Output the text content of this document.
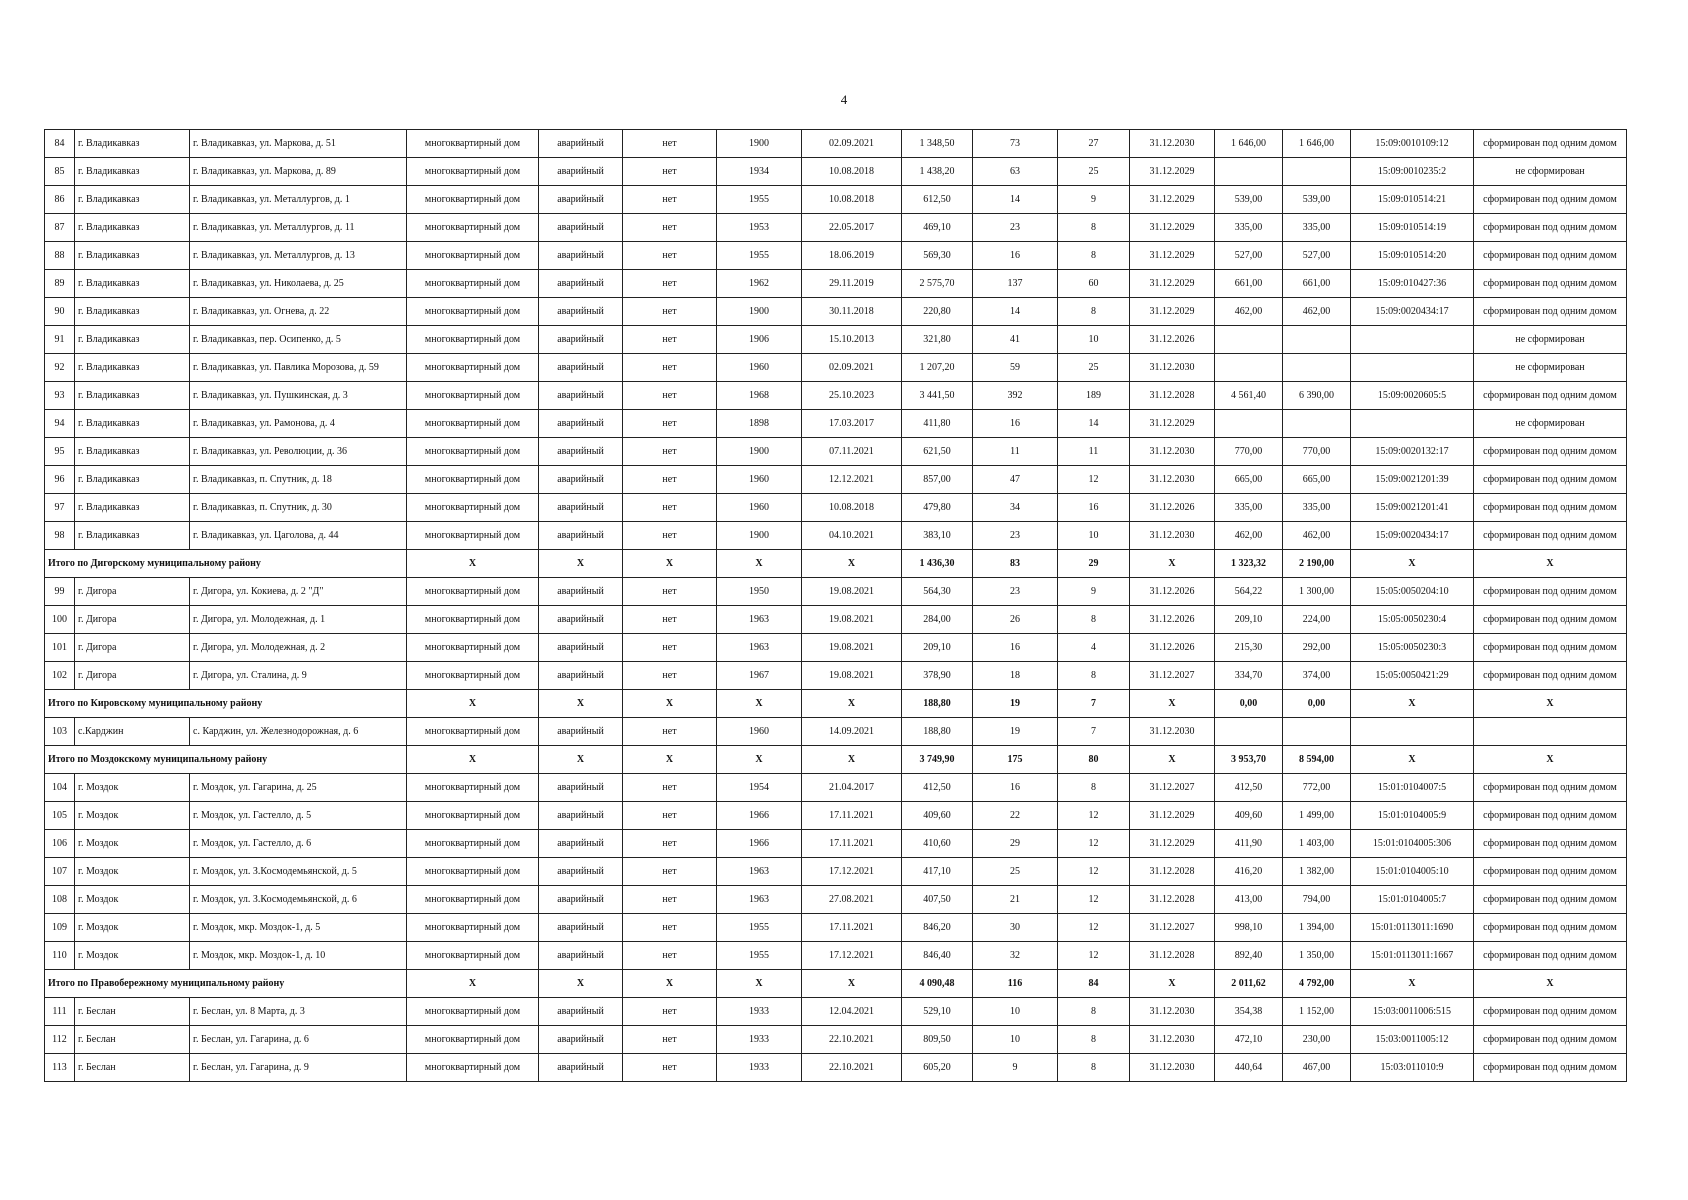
4
84	г. Владикавказ	г. Владикавказ, ул. Маркова, д. 51	многоквартирный дом	аварийный	нет	1900	02.09.2021	1 348,50	73	27	31.12.2030	1 646,00	1 646,00	15:09:0010109:12	сформирован под одним домом
85	г. Владикавказ	г. Владикавказ, ул. Маркова, д. 89	многоквартирный дом	аварийный	нет	1934	10.08.2018	1 438,20	63	25	31.12.2029			15:09:0010235:2	не сформирован
86	г. Владикавказ	г. Владикавказ, ул. Металлургов, д. 1	многоквартирный дом	аварийный	нет	1955	10.08.2018	612,50	14	9	31.12.2029	539,00	539,00	15:09:010514:21	сформирован под одним домом
87	г. Владикавказ	г. Владикавказ, ул. Металлургов, д. 11	многоквартирный дом	аварийный	нет	1953	22.05.2017	469,10	23	8	31.12.2029	335,00	335,00	15:09:010514:19	сформирован под одним домом
88	г. Владикавказ	г. Владикавказ, ул. Металлургов, д. 13	многоквартирный дом	аварийный	нет	1955	18.06.2019	569,30	16	8	31.12.2029	527,00	527,00	15:09:010514:20	сформирован под одним домом
89	г. Владикавказ	г. Владикавказ, ул. Николаева, д. 25	многоквартирный дом	аварийный	нет	1962	29.11.2019	2 575,70	137	60	31.12.2029	661,00	661,00	15:09:010427:36	сформирован под одним домом
90	г. Владикавказ	г. Владикавказ, ул. Огнева, д. 22	многоквартирный дом	аварийный	нет	1900	30.11.2018	220,80	14	8	31.12.2029	462,00	462,00	15:09:0020434:17	сформирован под одним домом
91	г. Владикавказ	г. Владикавказ, пер. Осипенко, д. 5	многоквартирный дом	аварийный	нет	1906	15.10.2013	321,80	41	10	31.12.2026				не сформирован
92	г. Владикавказ	г. Владикавказ, ул. Павлика Морозова, д. 59	многоквартирный дом	аварийный	нет	1960	02.09.2021	1 207,20	59	25	31.12.2030				не сформирован
93	г. Владикавказ	г. Владикавказ, ул. Пушкинская, д. 3	многоквартирный дом	аварийный	нет	1968	25.10.2023	3 441,50	392	189	31.12.2028	4 561,40	6 390,00	15:09:0020605:5	сформирован под одним домом
94	г. Владикавказ	г. Владикавказ, ул. Рамонова, д. 4	многоквартирный дом	аварийный	нет	1898	17.03.2017	411,80	16	14	31.12.2029				не сформирован
95	г. Владикавказ	г. Владикавказ, ул. Революции, д. 36	многоквартирный дом	аварийный	нет	1900	07.11.2021	621,50	11	11	31.12.2030	770,00	770,00	15:09:0020132:17	сформирован под одним домом
96	г. Владикавказ	г. Владикавказ, п. Спутник, д. 18	многоквартирный дом	аварийный	нет	1960	12.12.2021	857,00	47	12	31.12.2030	665,00	665,00	15:09:0021201:39	сформирован под одним домом
97	г. Владикавказ	г. Владикавказ, п. Спутник, д. 30	многоквартирный дом	аварийный	нет	1960	10.08.2018	479,80	34	16	31.12.2026	335,00	335,00	15:09:0021201:41	сформирован под одним домом
98	г. Владикавказ	г. Владикавказ, ул. Цаголова, д. 44	многоквартирный дом	аварийный	нет	1900	04.10.2021	383,10	23	10	31.12.2030	462,00	462,00	15:09:0020434:17	сформирован под одним домом
Итого по Дигорскому муниципальному району			X	X	X	X	X	1 436,30	83	29	X	1 323,32	2 190,00	X	X
99	г. Дигора	г. Дигора, ул. Кокиева, д. 2 "Д"	многоквартирный дом	аварийный	нет	1950	19.08.2021	564,30	23	9	31.12.2026	564,22	1 300,00	15:05:0050204:10	сформирован под одним домом
100	г. Дигора	г. Дигора, ул. Молодежная, д. 1	многоквартирный дом	аварийный	нет	1963	19.08.2021	284,00	26	8	31.12.2026	209,10	224,00	15:05:0050230:4	сформирован под одним домом
101	г. Дигора	г. Дигора, ул. Молодежная, д. 2	многоквартирный дом	аварийный	нет	1963	19.08.2021	209,10	16	4	31.12.2026	215,30	292,00	15:05:0050230:3	сформирован под одним домом
102	г. Дигора	г. Дигора, ул. Сталина, д. 9	многоквартирный дом	аварийный	нет	1967	19.08.2021	378,90	18	8	31.12.2027	334,70	374,00	15:05:0050421:29	сформирован под одним домом
Итого по Кировскому муниципальному району			X	X	X	X	X	188,80	19	7	X	0,00	0,00	X	X
103	с.Карджин	с. Карджин, ул. Железнодорожная, д. 6	многоквартирный дом	аварийный	нет	1960	14.09.2021	188,80	19	7	31.12.2030				
Итого по Моздокскому муниципальному району			X	X	X	X	X	3 749,90	175	80	X	3 953,70	8 594,00	X	X
104	г. Моздок	г. Моздок, ул. Гагарина, д. 25	многоквартирный дом	аварийный	нет	1954	21.04.2017	412,50	16	8	31.12.2027	412,50	772,00	15:01:0104007:5	сформирован под одним домом
105	г. Моздок	г. Моздок, ул. Гастелло, д. 5	многоквартирный дом	аварийный	нет	1966	17.11.2021	409,60	22	12	31.12.2029	409,60	1 499,00	15:01:0104005:9	сформирован под одним домом
106	г. Моздок	г. Моздок, ул. Гастелло, д. 6	многоквартирный дом	аварийный	нет	1966	17.11.2021	410,60	29	12	31.12.2029	411,90	1 403,00	15:01:0104005:306	сформирован под одним домом
107	г. Моздок	г. Моздок, ул. З.Космодемьянской, д. 5	многоквартирный дом	аварийный	нет	1963	17.12.2021	417,10	25	12	31.12.2028	416,20	1 382,00	15:01:0104005:10	сформирован под одним домом
108	г. Моздок	г. Моздок, ул. З.Космодемьянской, д. 6	многоквартирный дом	аварийный	нет	1963	27.08.2021	407,50	21	12	31.12.2028	413,00	794,00	15:01:0104005:7	сформирован под одним домом
109	г. Моздок	г. Моздок, мкр. Моздок-1, д. 5	многоквартирный дом	аварийный	нет	1955	17.11.2021	846,20	30	12	31.12.2027	998,10	1 394,00	15:01:0113011:1690	сформирован под одним домом
110	г. Моздок	г. Моздок, мкр. Моздок-1, д. 10	многоквартирный дом	аварийный	нет	1955	17.12.2021	846,40	32	12	31.12.2028	892,40	1 350,00	15:01:0113011:1667	сформирован под одним домом
Итого по Правобережному муниципальному району			X	X	X	X	X	4 090,48	116	84	X	2 011,62	4 792,00	X	X
111	г. Беслан	г. Беслан, ул. 8 Марта, д. 3	многоквартирный дом	аварийный	нет	1933	12.04.2021	529,10	10	8	31.12.2030	354,38	1 152,00	15:03:0011006:515	сформирован под одним домом
112	г. Беслан	г. Беслан, ул. Гагарина, д. 6	многоквартирный дом	аварийный	нет	1933	22.10.2021	809,50	10	8	31.12.2030	472,10	230,00	15:03:0011005:12	сформирован под одним домом
113	г. Беслан	г. Беслан, ул. Гагарина, д. 9	многоквартирный дом	аварийный	нет	1933	22.10.2021	605,20	9	8	31.12.2030	440,64	467,00	15:03:011010:9	сформирован под одним домом
